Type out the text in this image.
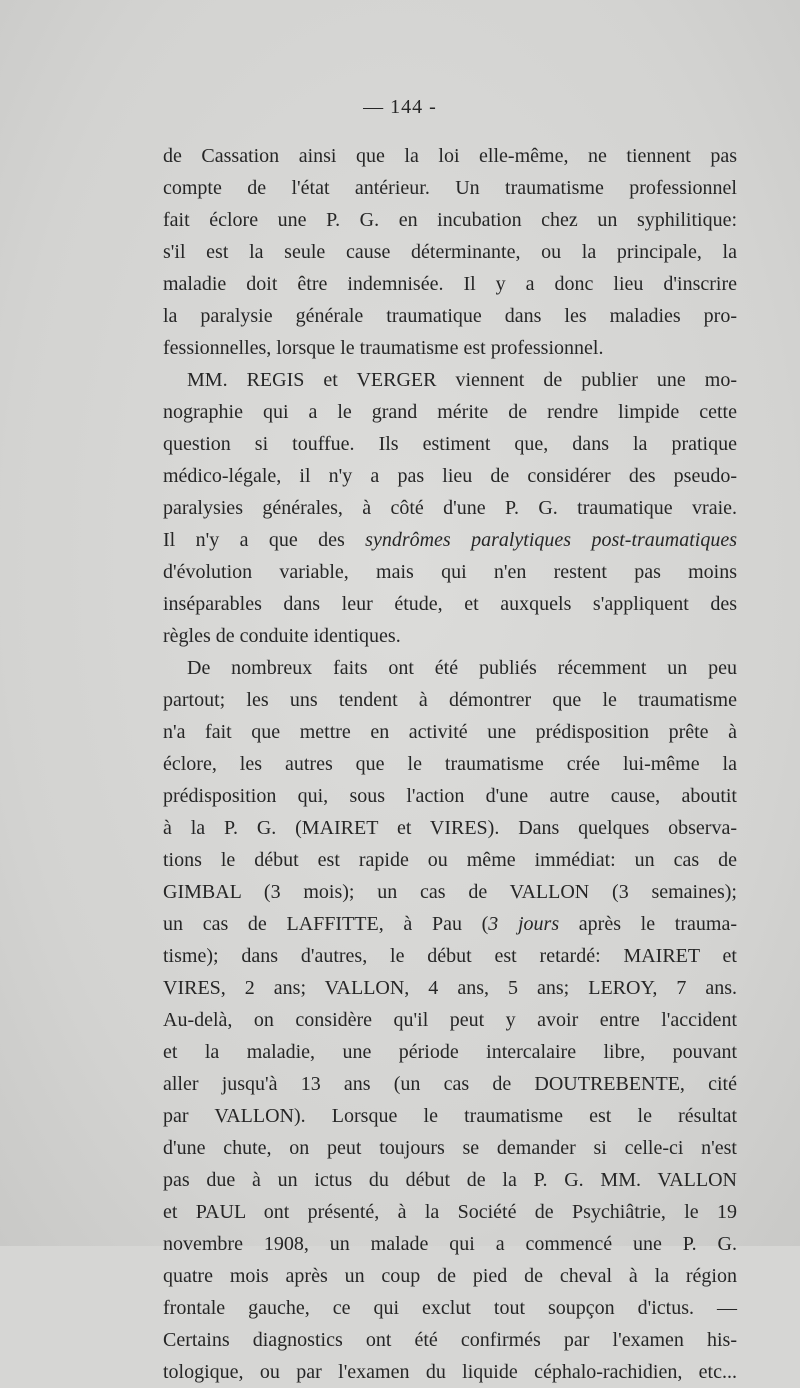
— 144 -
de Cassation ainsi que la loi elle-même, ne tiennent pas
compte de l'état antérieur. Un traumatisme professionnel
fait éclore une P. G. en incubation chez un syphilitique:
s'il est la seule cause déterminante, ou la principale, la
maladie doit être indemnisée. Il y a donc lieu d'inscrire
la paralysie générale traumatique dans les maladies pro-
fessionnelles, lorsque le traumatisme est professionnel.
MM. REGIS et VERGER viennent de publier une mo-
nographie qui a le grand mérite de rendre limpide cette
question si touffue. Ils estiment que, dans la pratique
médico-légale, il n'y a pas lieu de considérer des pseudo-
paralysies générales, à côté d'une P. G. traumatique vraie.
Il n'y a que des syndrômes paralytiques post-traumatiques
d'évolution variable, mais qui n'en restent pas moins
inséparables dans leur étude, et auxquels s'appliquent des
règles de conduite identiques.
De nombreux faits ont été publiés récemment un peu
partout; les uns tendent à démontrer que le traumatisme
n'a fait que mettre en activité une prédisposition prête à
éclore, les autres que le traumatisme crée lui-même la
prédisposition qui, sous l'action d'une autre cause, aboutit
à la P. G. (MAIRET et VIRES). Dans quelques observa-
tions le début est rapide ou même immédiat: un cas de
GIMBAL (3 mois); un cas de VALLON (3 semaines);
un cas de LAFFITTE, à Pau (3 jours après le trauma-
tisme); dans d'autres, le début est retardé: MAIRET et
VIRES, 2 ans; VALLON, 4 ans, 5 ans; LEROY, 7 ans.
Au-delà, on considère qu'il peut y avoir entre l'accident
et la maladie, une période intercalaire libre, pouvant
aller jusqu'à 13 ans (un cas de DOUTREBENTE, cité
par VALLON). Lorsque le traumatisme est le résultat
d'une chute, on peut toujours se demander si celle-ci n'est
pas due à un ictus du début de la P. G. MM. VALLON
et PAUL ont présenté, à la Société de Psychiâtrie, le 19
novembre 1908, un malade qui a commencé une P. G.
quatre mois après un coup de pied de cheval à la région
frontale gauche, ce qui exclut tout soupçon d'ictus. —
Certains diagnostics ont été confirmés par l'examen his-
tologique, ou par l'examen du liquide céphalo-rachidien, etc...
